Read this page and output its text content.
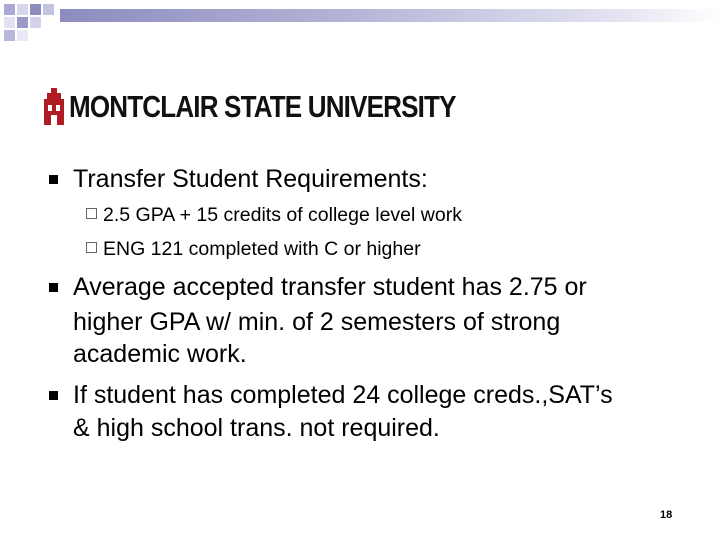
MONTCLAIR STATE UNIVERSITY
Transfer Student Requirements:
2.5 GPA + 15 credits of college level work
ENG 121 completed with C or higher
Average accepted transfer student has 2.75 or
higher GPA w/ min. of 2 semesters of strong
academic work.
If student has completed 24 college creds.,SAT’s
& high school trans. not required.
18
